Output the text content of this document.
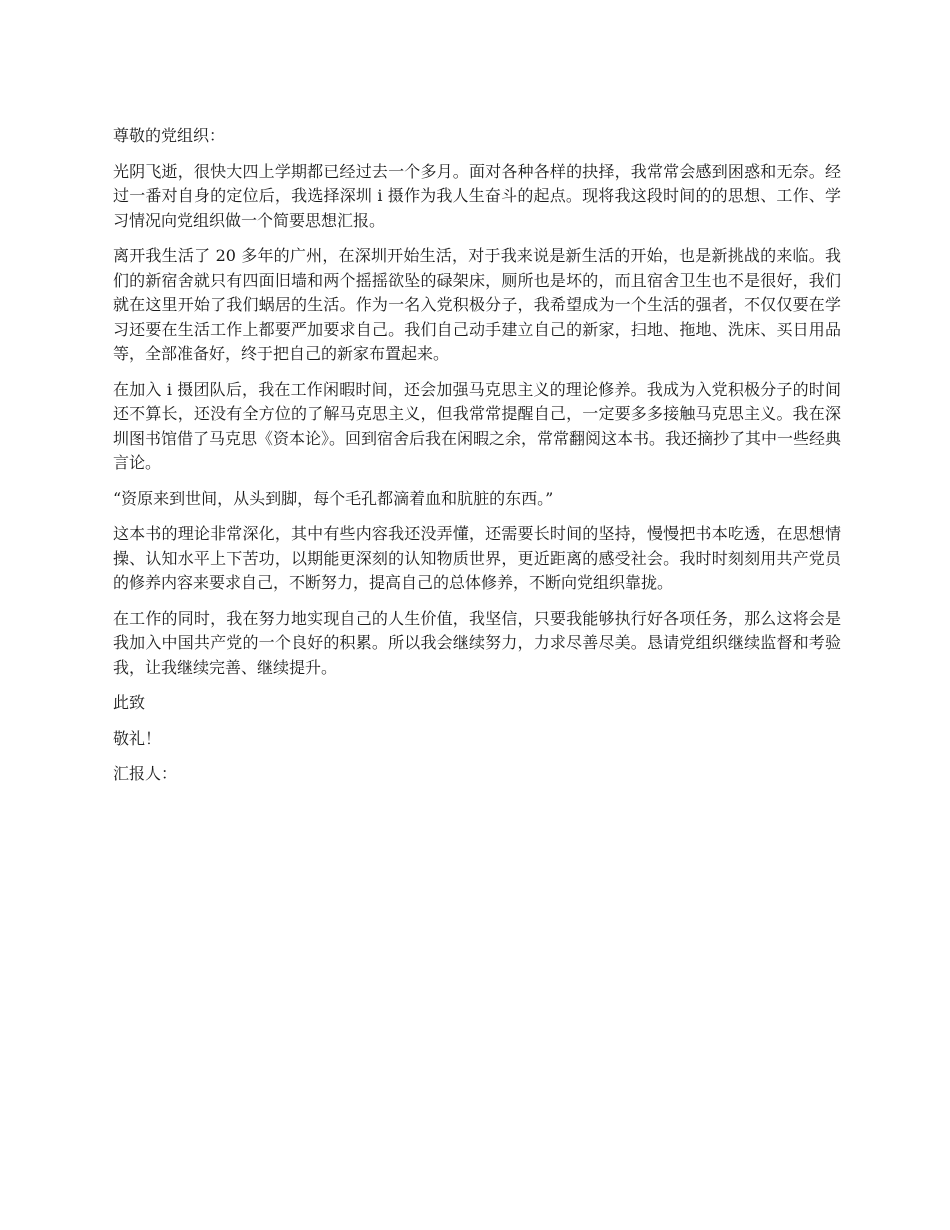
尊敬的党组织：

光阴飞逝，很快大四上学期都已经过去一个多月。面对各种各样的抉择，我常常会感到困惑和无奈。经过一番对自身的定位后，我选择深圳 i 摄作为我人生奋斗的起点。现将我这段时间的的思想、工作、学习情况向党组织做一个简要思想汇报。

离开我生活了 20 多年的广州，在深圳开始生活，对于我来说是新生活的开始，也是新挑战的来临。我们的新宿舍就只有四面旧墙和两个摇摇欲坠的碌架床，厕所也是坏的，而且宿舍卫生也不是很好，我们就在这里开始了我们蜗居的生活。作为一名入党积极分子，我希望成为一个生活的强者，不仅仅要在学习还要在生活工作上都要严加要求自己。我们自己动手建立自己的新家，扫地、拖地、洗床、买日用品等，全部准备好，终于把自己的新家布置起来。

在加入 i 摄团队后，我在工作闲暇时间，还会加强马克思主义的理论修养。我成为入党积极分子的时间还不算长，还没有全方位的了解马克思主义，但我常常提醒自己，一定要多多接触马克思主义。我在深圳图书馆借了马克思《资本论》。回到宿舍后我在闲暇之余，常常翻阅这本书。我还摘抄了其中一些经典言论。

“资原来到世间，从头到脚，每个毛孔都滴着血和肮脏的东西。”

这本书的理论非常深化，其中有些内容我还没弄懂，还需要长时间的坚持，慢慢把书本吃透，在思想情操、认知水平上下苦功，以期能更深刻的认知物质世界，更近距离的感受社会。我时时刻刻用共产党员的修养内容来要求自己，不断努力，提高自己的总体修养，不断向党组织靠拢。

在工作的同时，我在努力地实现自己的人生价值，我坚信，只要我能够执行好各项任务，那么这将会是我加入中国共产党的一个良好的积累。所以我会继续努力，力求尽善尽美。恳请党组织继续监督和考验我，让我继续完善、继续提升。

此致

敬礼！

汇报人：
